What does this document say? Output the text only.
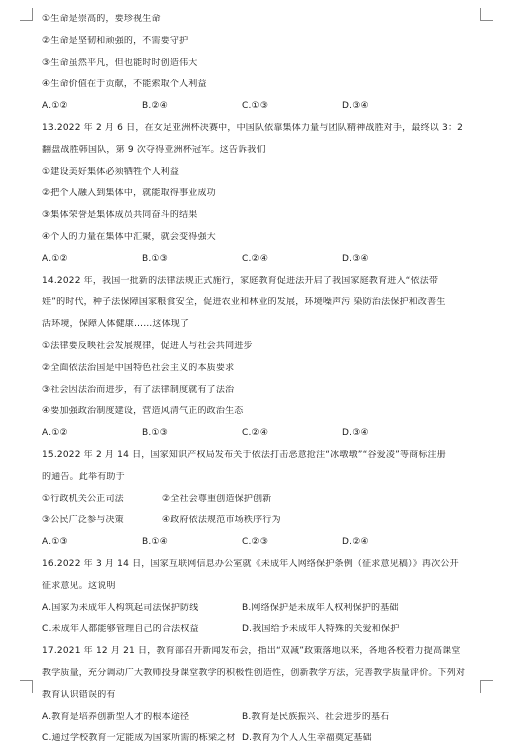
①生命是崇高的，要珍视生命
②生命是坚韧和顽强的，不需要守护
③生命虽然平凡，但也能时时创造伟大
④生命价值在于贡献，不能索取个人利益
A.①②	B.②④	C.①③	D.③④
13.2022 年 2 月 6 日，在女足亚洲杯决赛中，中国队依靠集体力量与团队精神战胜对手，最终以 3：2
翻盘战胜韩国队，第 9 次夺得亚洲杯冠军。这告诉我们
①建设美好集体必须牺牲个人利益
②把个人融入到集体中，就能取得事业成功
③集体荣誉是集体成员共同奋斗的结果
④个人的力量在集体中汇聚，就会变得强大
A.①②	B.①③	C.②④	D.③④
14.2022 年，我国一批新的法律法规正式施行，家庭教育促进法开启了我国家庭教育进入“依法带
娃”的时代，种子法保障国家粮食安全，促进农业和林业的发展，环境噪声污 染防治法保护和改善生
活环境，保障人体健康……这体现了
①法律要反映社会发展规律，促进人与社会共同进步
②全面依法治国是中国特色社会主义的本质要求
③社会因法治而进步，有了法律制度就有了法治
④要加强政治制度建设，营造风清气正的政治生态
A.①②	B.①③	C.②④	D.③④
15.2022 年 2 月 14 日，国家知识产权局发布关于依法打击恶意抢注“冰墩墩”“谷爱凌”等商标注册
的通告。此举有助于
①行政机关公正司法	②全社会尊重创造保护创新
③公民广泛参与决策	④政府依法规范市场秩序行为
A.①③	B.①④	C.②③	D.②④
16.2022 年 3 月 14 日，国家互联网信息办公室就《未成年人网络保护条例（征求意见稿）》再次公开
征求意见。这说明
A.国家为未成年人构筑起司法保护防线	B.网络保护是未成年人权利保护的基础
C.未成年人都能够管理自己的合法权益	D.我国给予未成年人特殊的关爱和保护
17.2021 年 12 月 21 日，教育部召开新闻发布会，指出“双减”政策落地以来，各地各校着力提高课堂
教学质量，充分调动广大教师投身课堂教学的积极性创造性，创新教学方法，完善教学质量评价。下列对
教育认识错误的有
A.教育是培养创新型人才的根本途径	B.教育是民族振兴、社会进步的基石
C.通过学校教育一定能成为国家所需的栋梁之材 D.教育为个人人生幸福奠定基础
